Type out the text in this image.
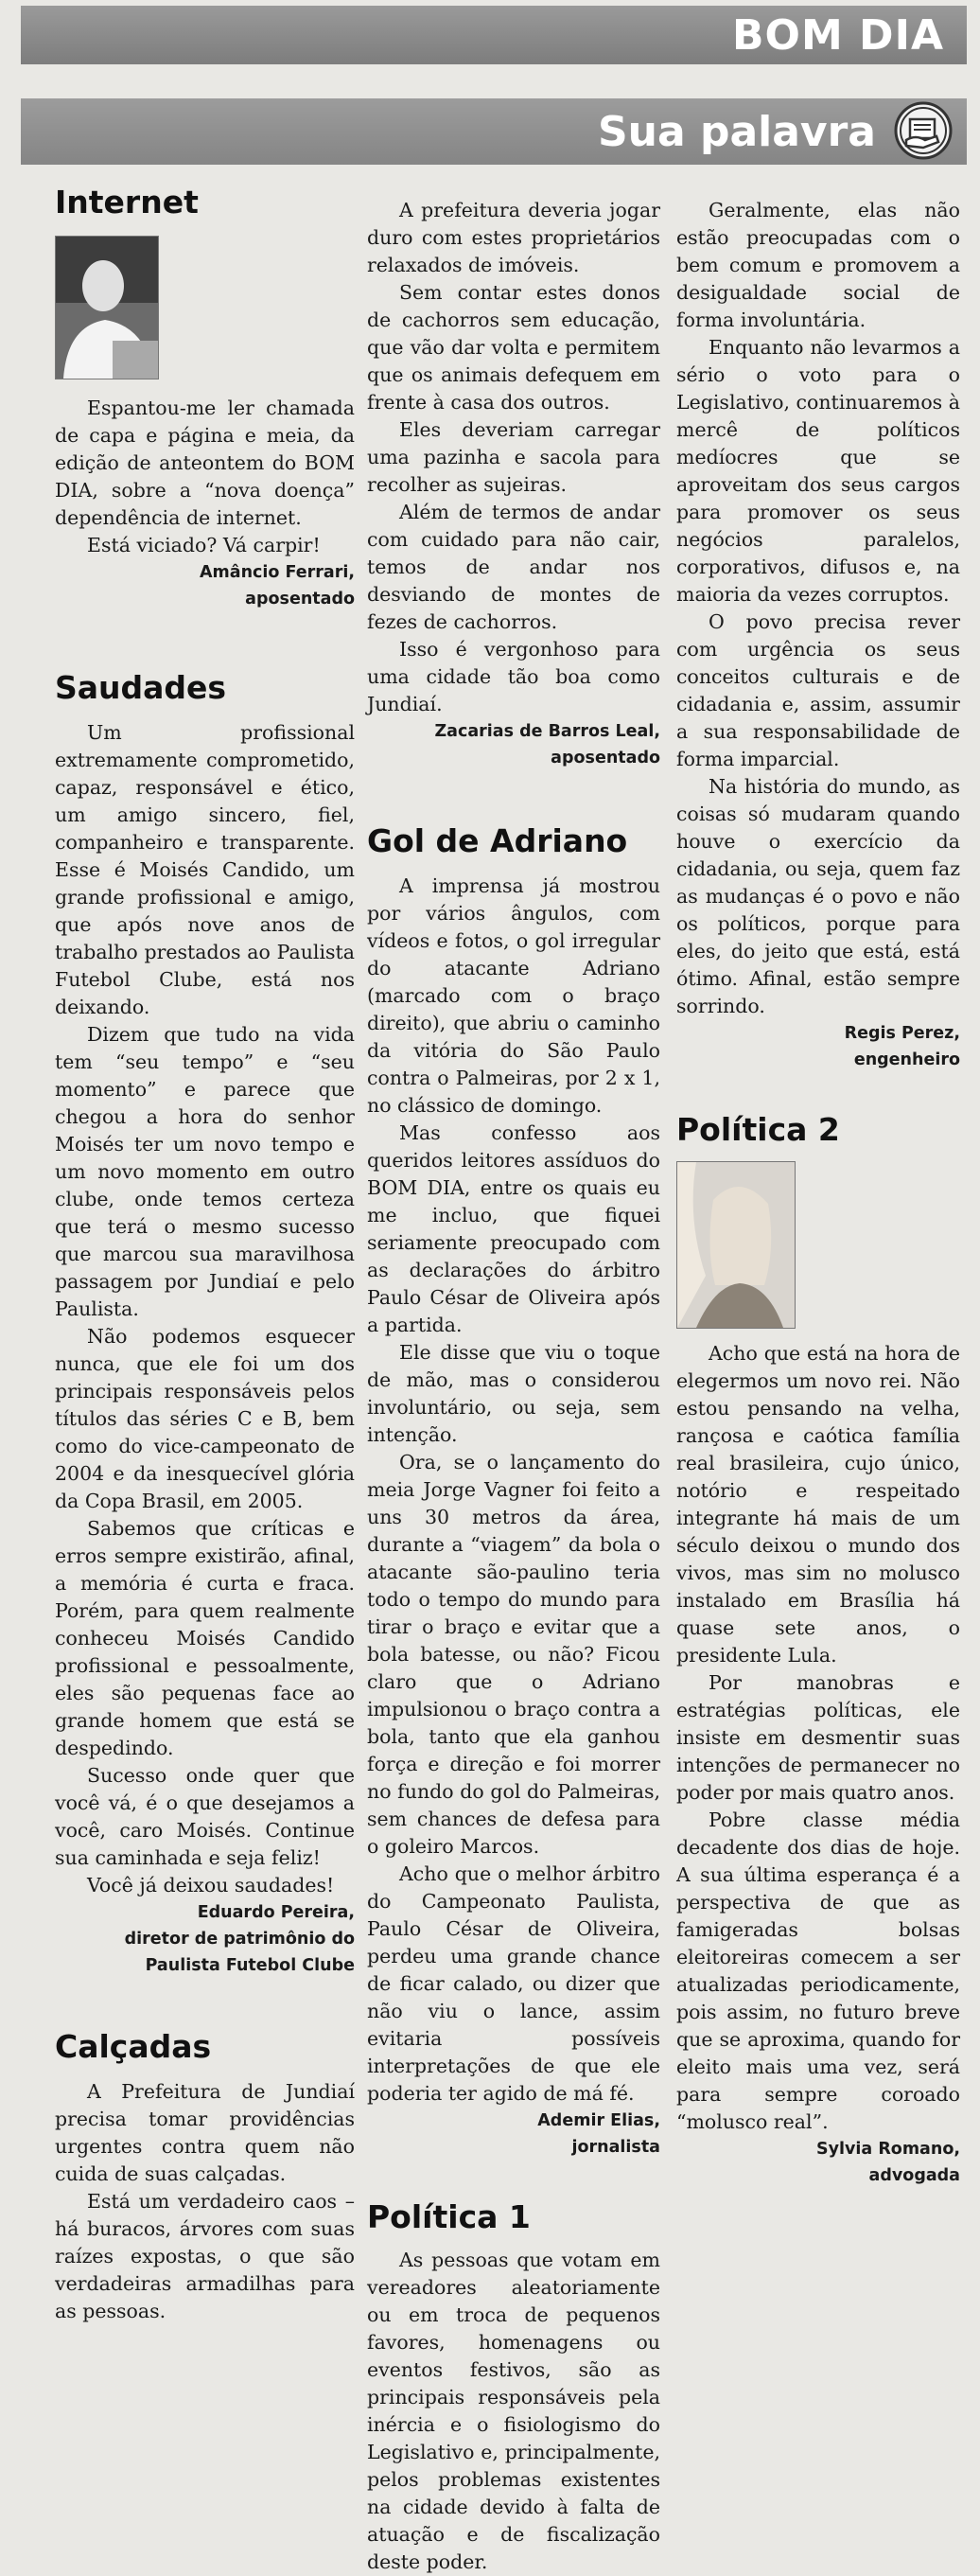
BOM DIA
Sua palavra
Internet

Espantou-me ler chamada de capa e página e meia, da edição de anteontem do BOM DIA, sobre a “nova doença” dependência de internet.

Está viciado? Vá carpir!

Amâncio Ferrari,

aposentado

Saudades

Um profissional extremamente comprometido, capaz, responsável e ético, um amigo sincero, fiel, companheiro e transparente. Esse é Moisés Candido, um grande profissional e amigo, que após nove anos de trabalho prestados ao Paulista Futebol Clube, está nos deixando.

Dizem que tudo na vida tem “seu tempo” e “seu momento” e parece que chegou a hora do senhor Moisés ter um novo tempo e um novo momento em outro clube, onde temos certeza que terá o mesmo sucesso que marcou sua maravilhosa passagem por Jundiaí e pelo Paulista.

Não podemos esquecer nunca, que ele foi um dos principais responsáveis pelos títulos das séries C e B, bem como do vice-campeonato de 2004 e da inesquecível glória da Copa Brasil, em 2005.

Sabemos que críticas e erros sempre existirão, afinal, a memória é curta e fraca. Porém, para quem realmente conheceu Moisés Candido profissional e pessoalmente, eles são pequenas face ao grande homem que está se despedindo.

Sucesso onde quer que você vá, é o que desejamos a você, caro Moisés. Continue sua caminhada e seja feliz!

Você já deixou saudades!

Eduardo Pereira,

diretor de patrimônio do Paulista Futebol Clube

Calçadas

A Prefeitura de Jundiaí precisa tomar providências urgentes contra quem não cuida de suas calçadas.

Está um verdadeiro caos – há buracos, árvores com suas raízes expostas, o que são verdadeiras armadilhas para as pessoas.

A prefeitura deveria jogar duro com estes proprietários relaxados de imóveis.

Sem contar estes donos de cachorros sem educação, que vão dar volta e permitem que os animais defequem em frente à casa dos outros.

Eles deveriam carregar uma pazinha e sacola para recolher as sujeiras.

Além de termos de andar com cuidado para não cair, temos de andar nos desviando de montes de fezes de cachorros.

Isso é vergonhoso para uma cidade tão boa como Jundiaí.

Zacarias de Barros Leal,

aposentado

Gol de Adriano

A imprensa já mostrou por vários ângulos, com vídeos e fotos, o gol irregular do atacante Adriano (marcado com o braço direito), que abriu o caminho da vitória do São Paulo contra o Palmeiras, por 2 x 1, no clássico de domingo.

Mas confesso aos queridos leitores assíduos do BOM DIA, entre os quais eu me incluo, que fiquei seriamente preocupado com as declarações do árbitro Paulo César de Oliveira após a partida.

Ele disse que viu o toque de mão, mas o considerou involuntário, ou seja, sem intenção.

Ora, se o lançamento do meia Jorge Vagner foi feito a uns 30 metros da área, durante a “viagem” da bola o atacante são-paulino teria todo o tempo do mundo para tirar o braço e evitar que a bola batesse, ou não? Ficou claro que o Adriano impulsionou o braço contra a bola, tanto que ela ganhou força e direção e foi morrer no fundo do gol do Palmeiras, sem chances de defesa para o goleiro Marcos.

Acho que o melhor árbitro do Campeonato Paulista, Paulo César de Oliveira, perdeu uma grande chance de ficar calado, ou dizer que não viu o lance, assim evitaria possíveis interpretações de que ele poderia ter agido de má fé.

Ademir Elias,

jornalista

Política 1

As pessoas que votam em vereadores aleatoriamente ou em troca de pequenos favores, homenagens ou eventos festivos, são as principais responsáveis pela inércia e o fisiologismo do Legislativo e, principalmente, pelos problemas existentes na cidade devido à falta de atuação e de fiscalização deste poder.

Geralmente, elas não estão preocupadas com o bem comum e promovem a desigualdade social de forma involuntária.

Enquanto não levarmos a sério o voto para o Legislativo, continuaremos à mercê de políticos medíocres que se aproveitam dos seus cargos para promover os seus negócios paralelos, corporativos, difusos e, na maioria da vezes corruptos.

O povo precisa rever com urgência os seus conceitos culturais e de cidadania e, assim, assumir a sua responsabilidade de forma imparcial.

Na história do mundo, as coisas só mudaram quando houve o exercício da cidadania, ou seja, quem faz as mudanças é o povo e não os políticos, porque para eles, do jeito que está, está ótimo. Afinal, estão sempre sorrindo.

Regis Perez,

engenheiro

Política 2

Acho que está na hora de elegermos um novo rei. Não estou pensando na velha, rançosa e caótica família real brasileira, cujo único, notório e respeitado integrante há mais de um século deixou o mundo dos vivos, mas sim no molusco instalado em Brasília há quase sete anos, o presidente Lula.

Por manobras e estratégias políticas, ele insiste em desmentir suas intenções de permanecer no poder por mais quatro anos.

Pobre classe média decadente dos dias de hoje. A sua última esperança é a perspectiva de que as famigeradas bolsas eleitoreiras comecem a ser atualizadas periodicamente, pois assim, no futuro breve que se aproxima, quando for eleito mais uma vez, será para sempre coroado “molusco real”.

Sylvia Romano,

advogada
